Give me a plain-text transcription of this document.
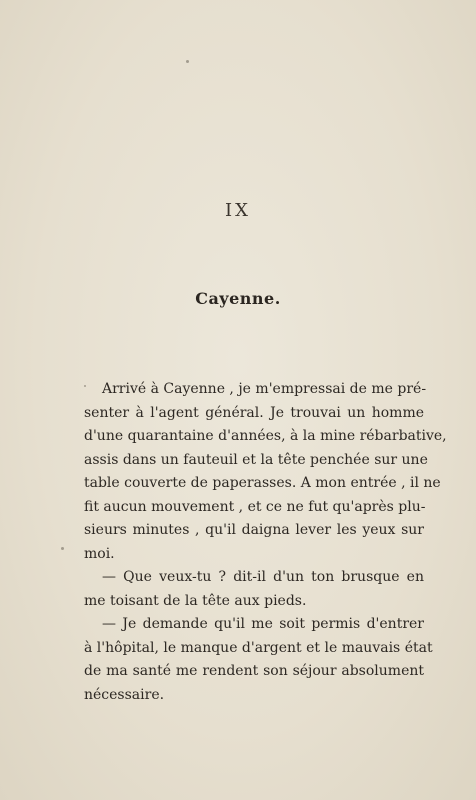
IX
Cayenne.
Arrivé à Cayenne , je m'empressai de me pré-
senter à l'agent général. Je trouvai un homme
d'une quarantaine d'années, à la mine rébarbative,
assis dans un fauteuil et la tête penchée sur une
table couverte de paperasses. A mon entrée , il ne
fit aucun mouvement , et ce ne fut qu'après plu-
sieurs minutes , qu'il daigna lever les yeux sur
moi.
— Que veux-tu ? dit-il d'un ton brusque en
me toisant de la tête aux pieds.
— Je demande qu'il me soit permis d'entrer
à l'hôpital, le manque d'argent et le mauvais état
de ma santé me rendent son séjour absolument
nécessaire.
